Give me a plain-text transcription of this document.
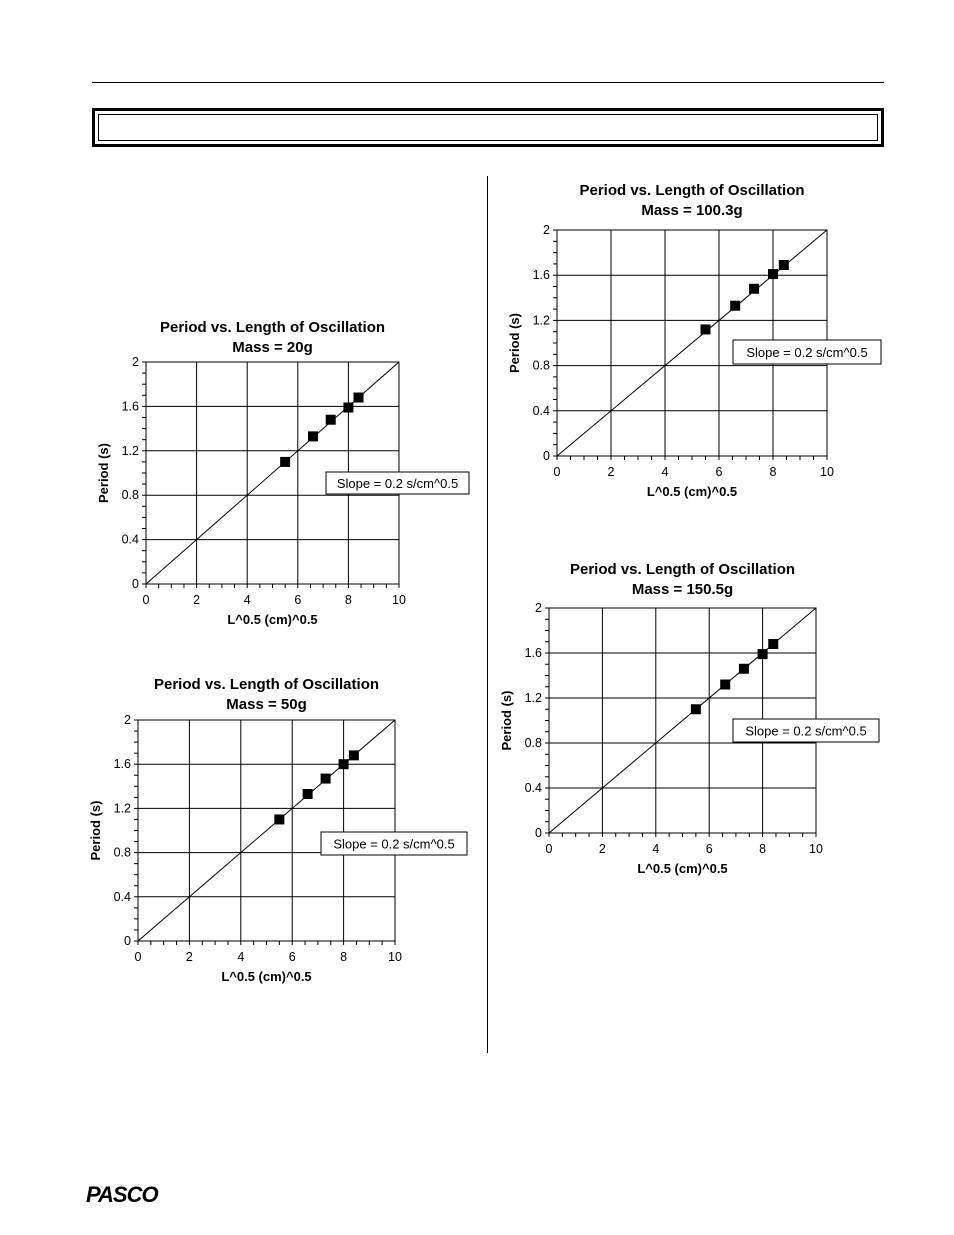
Period vs. Length of Oscillation
Mass = 20g
0	2	4	6	8	10
0
0.4
0.8
1.2
1.6
2
L^0.5 (cm)^0.5
Period (s)	Slope = 0.2 s/cm^0.5
Period vs. Length of Oscillation
Mass = 50g
0	2	4	6	8	10
0
0.4
0.8
1.2
1.6
2
L^0.5 (cm)^0.5
Period (s)	Slope = 0.2 s/cm^0.5
Period vs. Length of Oscillation
Mass = 100.3g
0	2	4	6	8	10
0
0.4
0.8
1.2
1.6
2
L^0.5 (cm)^0.5
Period (s)	Slope = 0.2 s/cm^0.5
Period vs. Length of Oscillation
Mass = 150.5g
0	2	4	6	8	10
0
0.4
0.8
1.2
1.6
2
L^0.5 (cm)^0.5
Period (s)	Slope = 0.2 s/cm^0.5
PASCO
